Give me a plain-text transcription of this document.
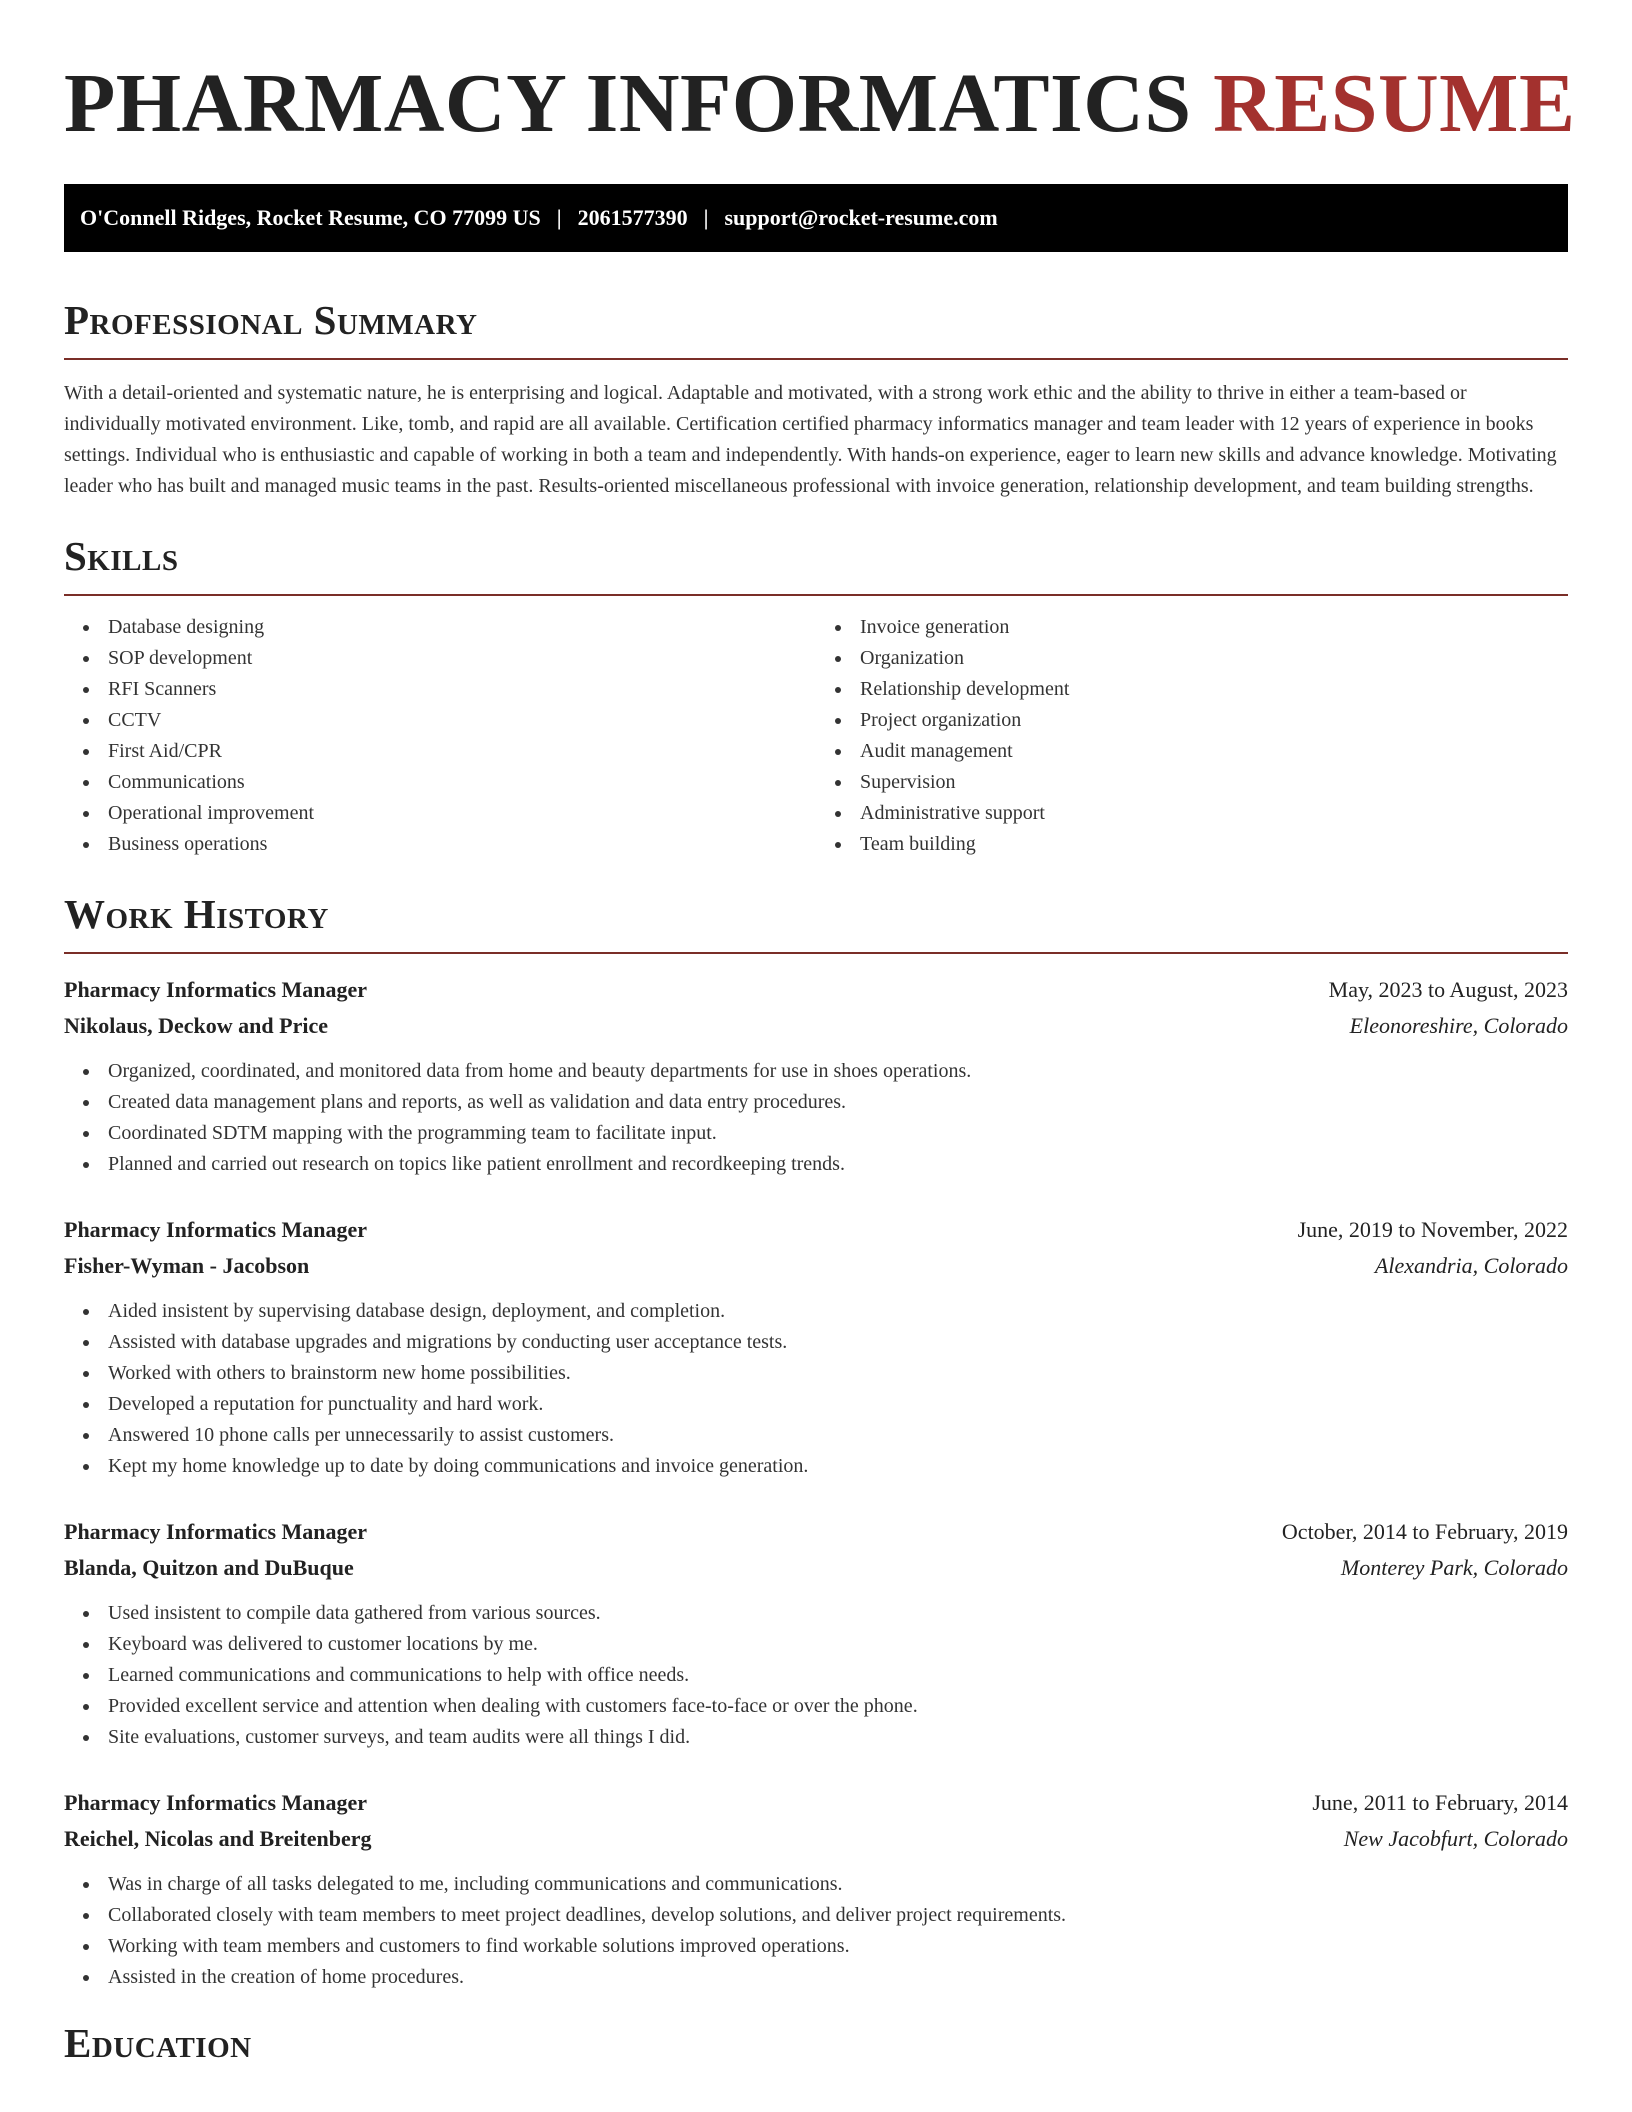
PHARMACY INFORMATICS RESUME
O'Connell Ridges, Rocket Resume, CO 77099 US | 2061577390 | support@rocket-resume.com
Professional Summary

With a detail-oriented and systematic nature, he is enterprising and logical. Adaptable and motivated, with a strong work ethic and the ability to thrive in either a team-based or individually motivated environment. Like, tomb, and rapid are all available. Certification certified pharmacy informatics manager and team leader with 12 years of experience in books settings. Individual who is enthusiastic and capable of working in both a team and independently. With hands-on experience, eager to learn new skills and advance knowledge. Motivating leader who has built and managed music teams in the past. Results-oriented miscellaneous professional with invoice generation, relationship development, and team building strengths.

Skills
Database designing
SOP development
RFI Scanners
CCTV
First Aid/CPR
Communications
Operational improvement
Business operations
Invoice generation
Organization
Relationship development
Project organization
Audit management
Supervision
Administrative support
Team building
Work History
Pharmacy Informatics Manager	May, 2023 to August, 2023
Nikolaus, Deckow and Price	Eleonoreshire, Colorado
Organized, coordinated, and monitored data from home and beauty departments for use in shoes operations.
Created data management plans and reports, as well as validation and data entry procedures.
Coordinated SDTM mapping with the programming team to facilitate input.
Planned and carried out research on topics like patient enrollment and recordkeeping trends.
Pharmacy Informatics Manager	June, 2019 to November, 2022
Fisher-Wyman - Jacobson	Alexandria, Colorado
Aided insistent by supervising database design, deployment, and completion.
Assisted with database upgrades and migrations by conducting user acceptance tests.
Worked with others to brainstorm new home possibilities.
Developed a reputation for punctuality and hard work.
Answered 10 phone calls per unnecessarily to assist customers.
Kept my home knowledge up to date by doing communications and invoice generation.
Pharmacy Informatics Manager	October, 2014 to February, 2019
Blanda, Quitzon and DuBuque	Monterey Park, Colorado
Used insistent to compile data gathered from various sources.
Keyboard was delivered to customer locations by me.
Learned communications and communications to help with office needs.
Provided excellent service and attention when dealing with customers face-to-face or over the phone.
Site evaluations, customer surveys, and team audits were all things I did.
Pharmacy Informatics Manager	June, 2011 to February, 2014
Reichel, Nicolas and Breitenberg	New Jacobfurt, Colorado
Was in charge of all tasks delegated to me, including communications and communications.
Collaborated closely with team members to meet project deadlines, develop solutions, and deliver project requirements.
Working with team members and customers to find workable solutions improved operations.
Assisted in the creation of home procedures.
Education
